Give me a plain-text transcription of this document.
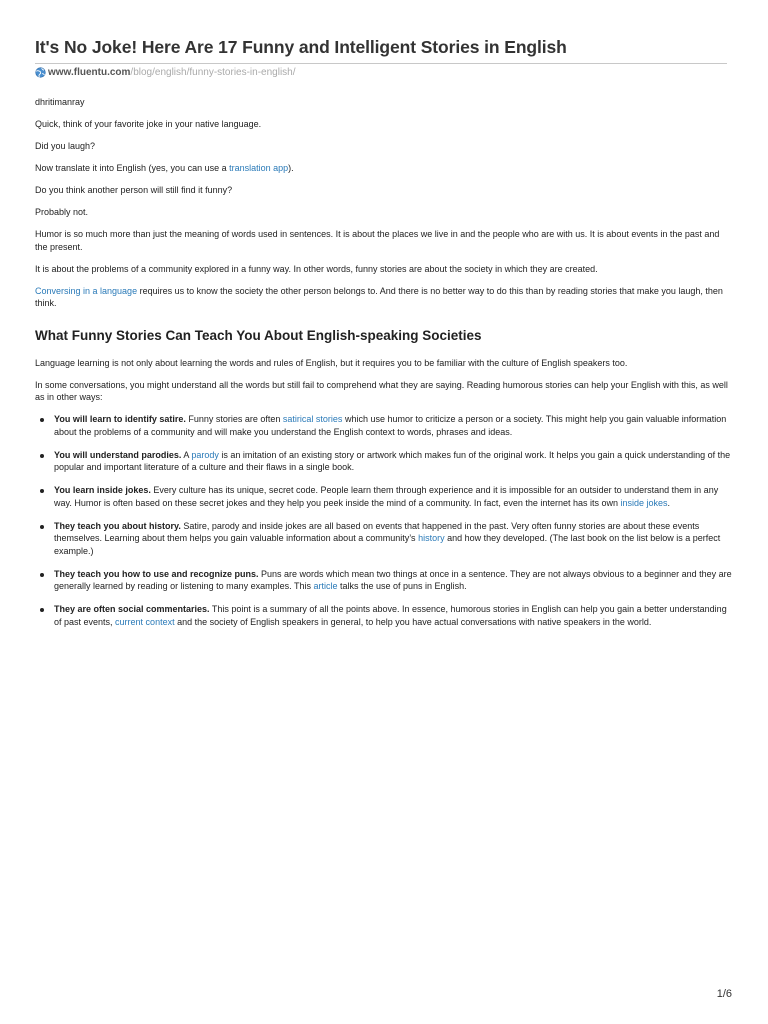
It's No Joke! Here Are 17 Funny and Intelligent Stories in English
www.fluentu.com /blog/english/funny-stories-in-english/

dhritimanray

Quick, think of your favorite joke in your native language.

Did you laugh?

Now translate it into English (yes, you can use a translation app).

Do you think another person will still find it funny?

Probably not.

Humor is so much more than just the meaning of words used in sentences. It is about the places we live in and the people who are with us. It is about events in the past and the present.

It is about the problems of a community explored in a funny way. In other words, funny stories are about the society in which they are created.

Conversing in a language requires us to know the society the other person belongs to. And there is no better way to do this than by reading stories that make you laugh, then think.

What Funny Stories Can Teach You About English-speaking Societies

Language learning is not only about learning the words and rules of English, but it requires you to be familiar with the culture of English speakers too.

In some conversations, you might understand all the words but still fail to comprehend what they are saying. Reading humorous stories can help your English with this, as well as in other ways:

You will learn to identify satire. Funny stories are often satirical stories which use humor to criticize a person or a society. This might help you gain valuable information about the problems of a community and will make you understand the English context to words, phrases and ideas.
You will understand parodies. A parody is an imitation of an existing story or artwork which makes fun of the original work. It helps you gain a quick understanding of the popular and important literature of a culture and their flaws in a single book.
You learn inside jokes. Every culture has its unique, secret code. People learn them through experience and it is impossible for an outsider to understand them in any way. Humor is often based on these secret jokes and they help you peek inside the mind of a community. In fact, even the internet has its own inside jokes.
They teach you about history. Satire, parody and inside jokes are all based on events that happened in the past. Very often funny stories are about these events themselves. Learning about them helps you gain valuable information about a community’s history and how they developed. (The last book on the list below is a perfect example.)
They teach you how to use and recognize puns. Puns are words which mean two things at once in a sentence. They are not always obvious to a beginner and they are generally learned by reading or listening to many examples. This article talks the use of puns in English.
They are often social commentaries. This point is a summary of all the points above. In essence, humorous stories in English can help you gain a better understanding of past events, current context and the society of English speakers in general, to help you have actual conversations with native speakers in the world.
1/6
